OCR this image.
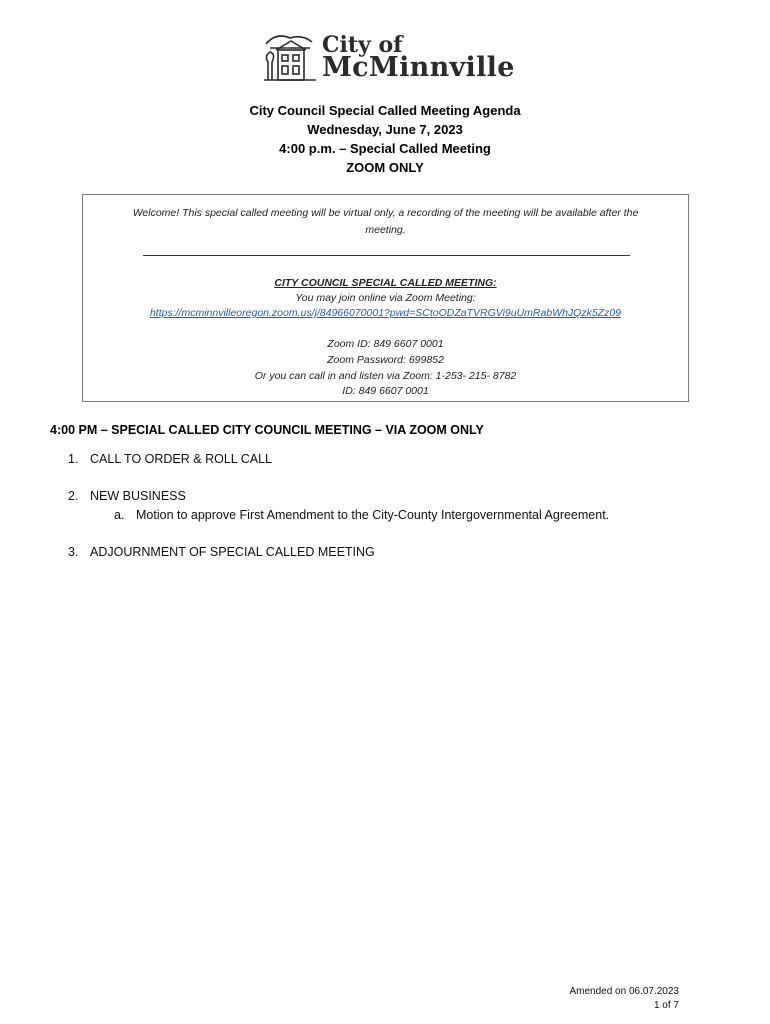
City of
McMinnville
City Council Special Called Meeting Agenda
Wednesday, June 7, 2023
4:00 p.m. – Special Called Meeting
ZOOM ONLY
Welcome! This special called meeting will be virtual only, a recording of the meeting will be available after the
meeting.
CITY COUNCIL SPECIAL CALLED MEETING:
You may join online via Zoom Meeting:
https://mcminnvilleoregon.zoom.us/j/84966070001?pwd=SCtoODZaTVRGVi9uUmRabWhJQzk5Zz09
Zoom ID: 849 6607 0001
Zoom Password: 699852
Or you can call in and listen via Zoom: 1-253- 215- 8782
ID: 849 6607 0001
4:00 PM – SPECIAL CALLED CITY COUNCIL MEETING – VIA ZOOM ONLY
1. CALL TO ORDER & ROLL CALL
2. NEW BUSINESS
a. Motion to approve First Amendment to the City-County Intergovernmental Agreement.
3. ADJOURNMENT OF SPECIAL CALLED MEETING
Amended on 06.07.2023
1 of 7
